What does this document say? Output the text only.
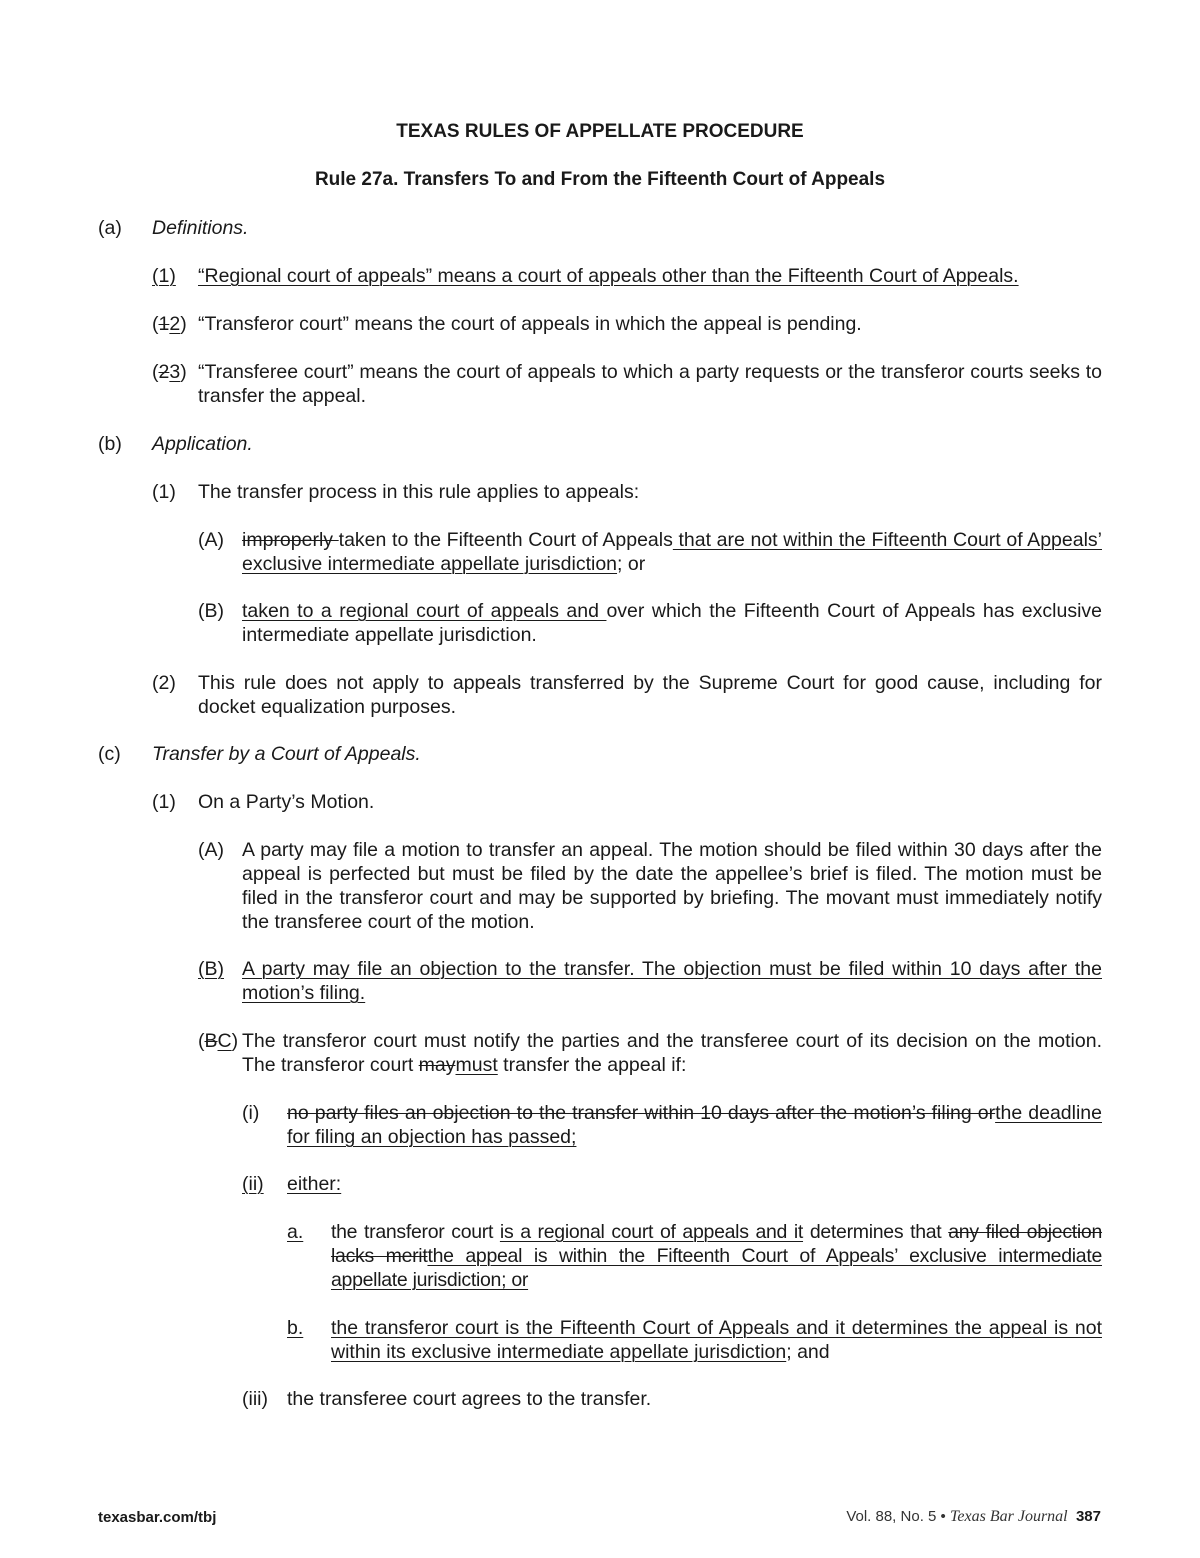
TEXAS RULES OF APPELLATE PROCEDURE
Rule 27a. Transfers To and From the Fifteenth Court of Appeals
(a) Definitions.
(1)	“Regional court of appeals” means a court of appeals other than the Fifteenth Court of Appeals.
(12) “Transferor court” means the court of appeals in which the appeal is pending.
(23) “Transferee court” means the court of appeals to which a party requests or the transferor courts seeks to transfer the appeal.
(b) Application.
(1) The transfer process in this rule applies to appeals:
(A) improperly taken to the Fifteenth Court of Appeals that are not within the Fifteenth Court of Appeals’ exclusive intermediate appellate jurisdiction; or
(B) taken to a regional court of appeals and over which the Fifteenth Court of Appeals has exclusive intermediate appellate jurisdiction.
(2) This rule does not apply to appeals transferred by the Supreme Court for good cause, including for docket equalization purposes.
(c) Transfer by a Court of Appeals.
(1) On a Party’s Motion.
(A) A party may file a motion to transfer an appeal. The motion should be filed within 30 days after the appeal is perfected but must be filed by the date the appellee’s brief is filed. The motion must be filed in the transferor court and may be supported by briefing. The movant must immediately notify the transferee court of the motion.
(B) A party may file an objection to the transfer. The objection must be filed within 10 days after the motion’s filing.
(BC) The transferor court must notify the parties and the transferee court of its decision on the motion. The transferor court maymust transfer the appeal if:
(i) no party files an objection to the transfer within 10 days after the motion’s filing orthe deadline for filing an objection has passed;
(ii)	either:
a.	the transferor court is a regional court of appeals and it determines that any filed objection lacks meritthe appeal is within the Fifteenth Court of Appeals’ exclusive intermediate appellate jurisdiction; or
b.	the transferor court is the Fifteenth Court of Appeals and it determines the appeal is not within its exclusive intermediate appellate jurisdiction; and
(iii) the transferee court agrees to the transfer.
texasbar.com/tbj	Vol. 88, No. 5 • Texas Bar Journal 387
